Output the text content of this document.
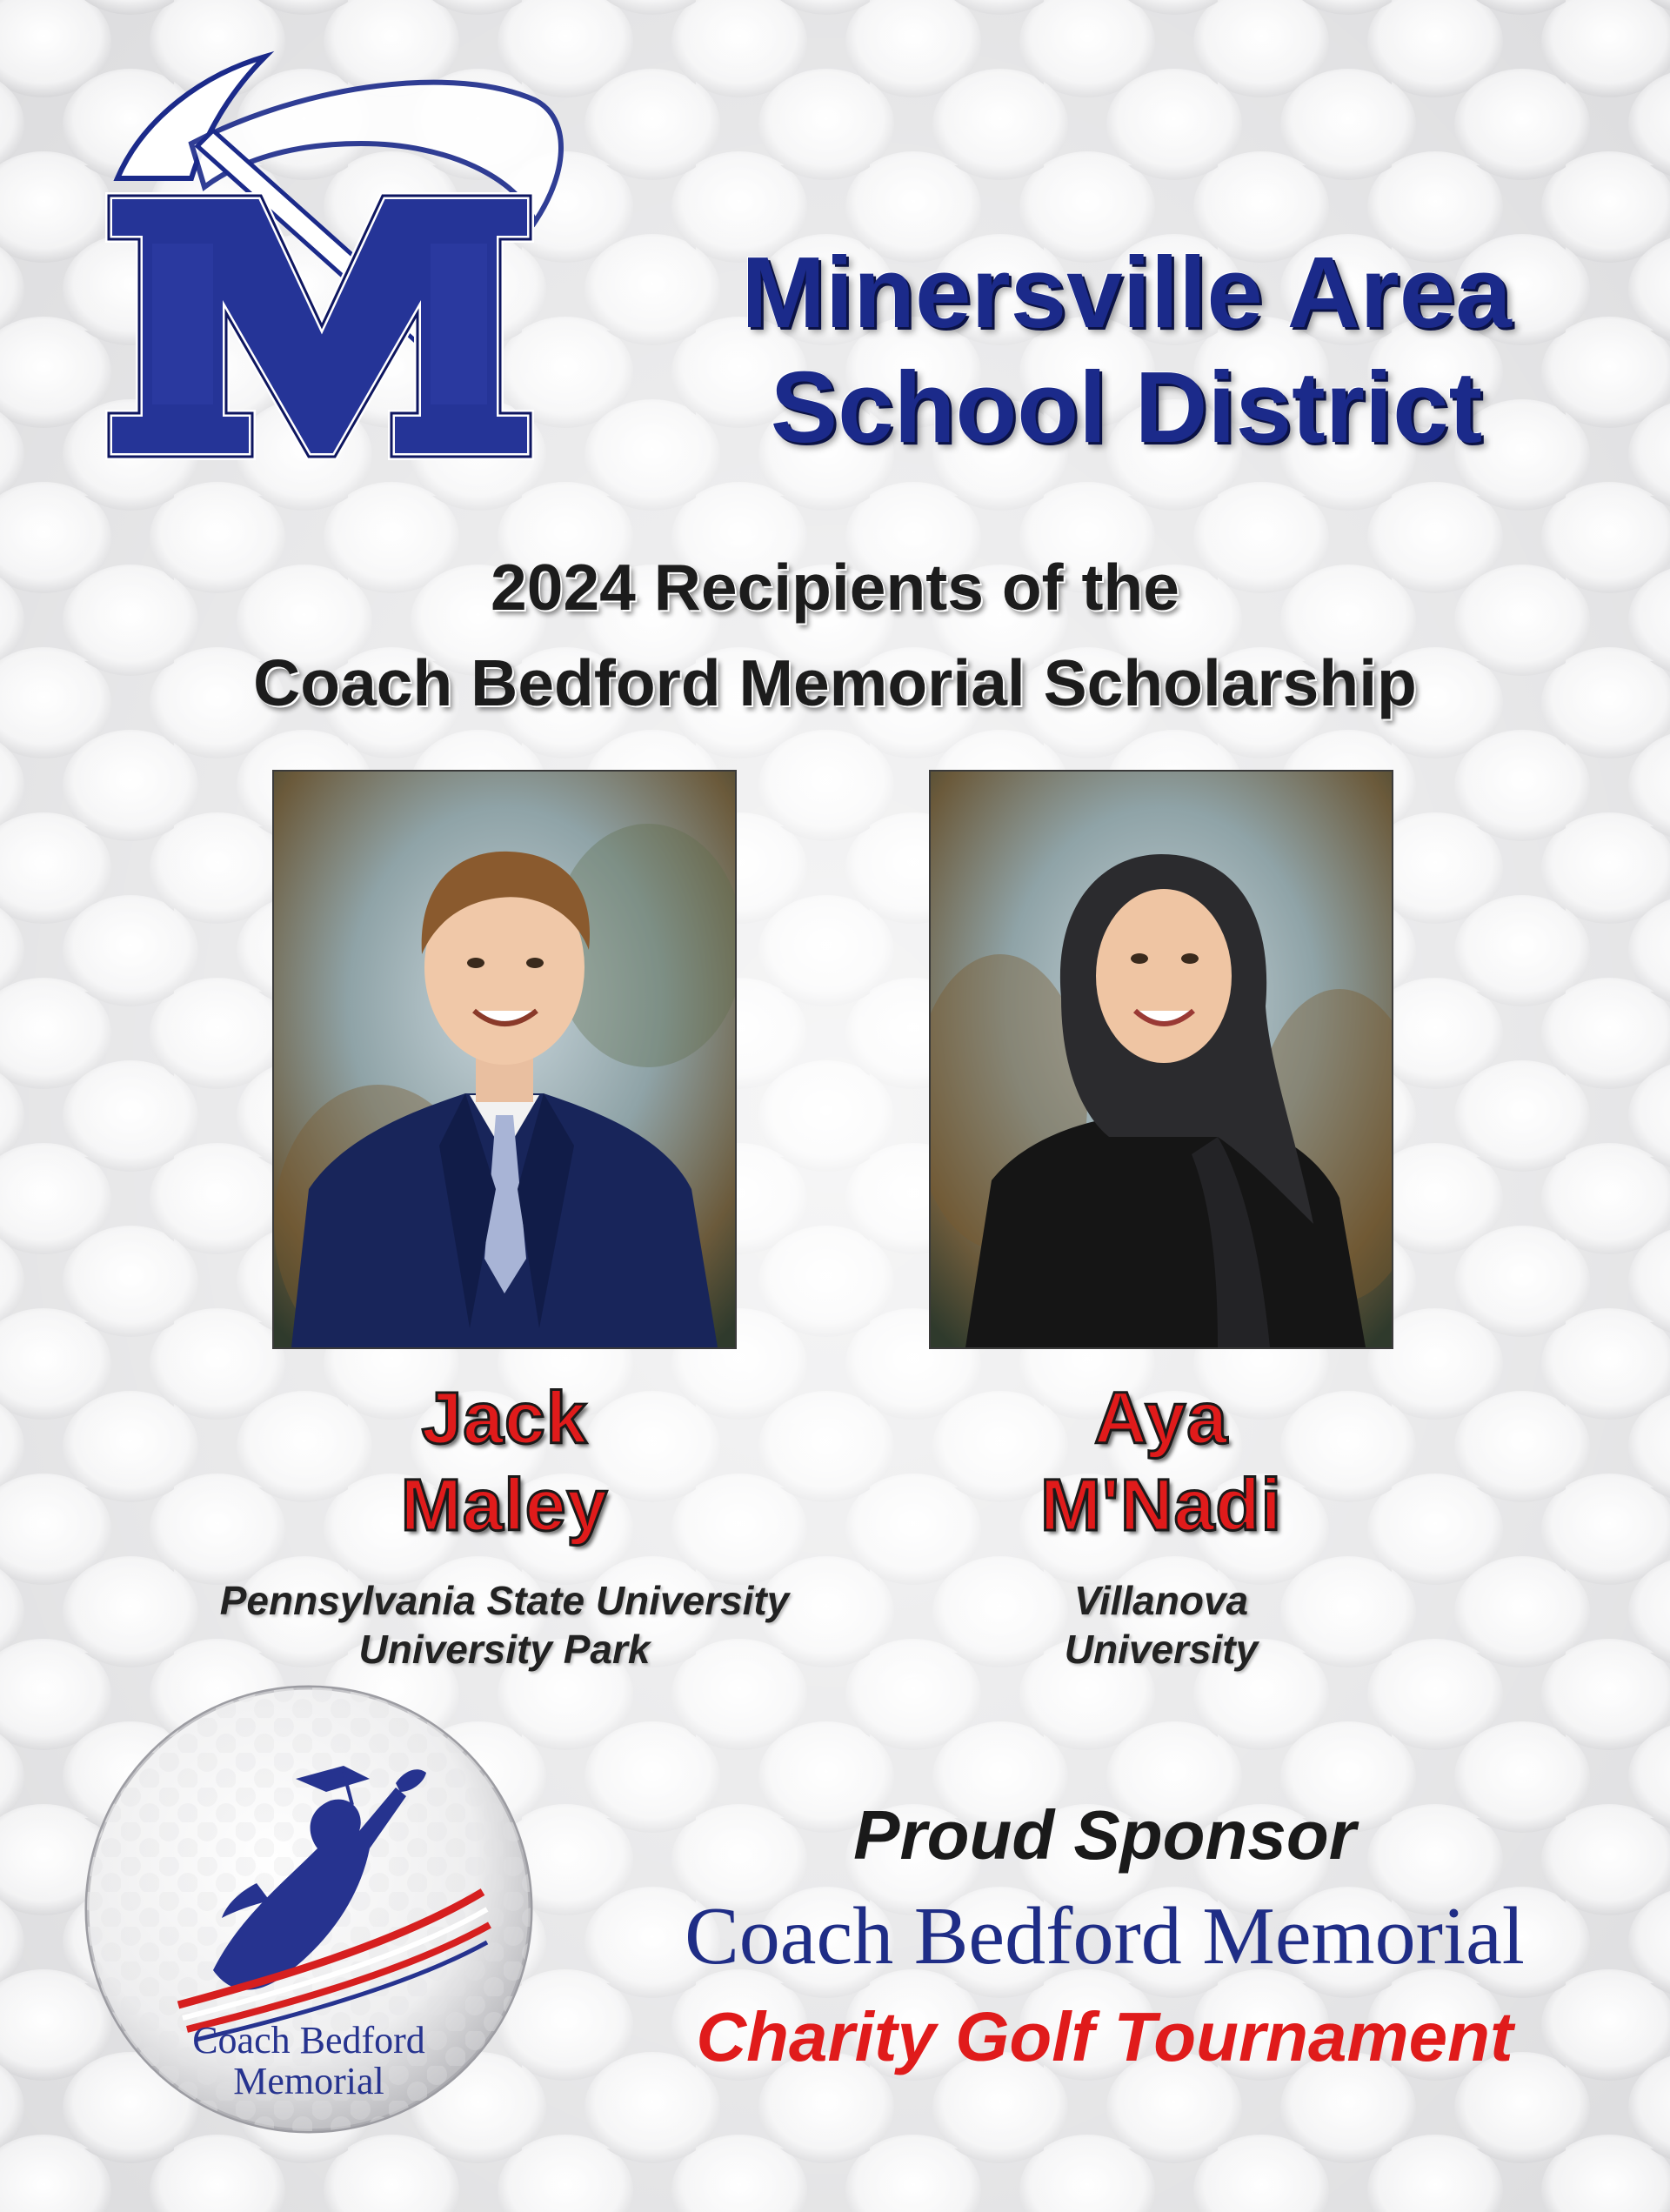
Minersville Area
School District
2024 Recipients of the
Coach Bedford Memorial Scholarship
Jack
Maley
Aya
M'Nadi
Pennsylvania State University
University Park
Villanova
University
Coach Bedford
Memorial
Proud Sponsor
Coach Bedford Memorial
Charity Golf Tournament
